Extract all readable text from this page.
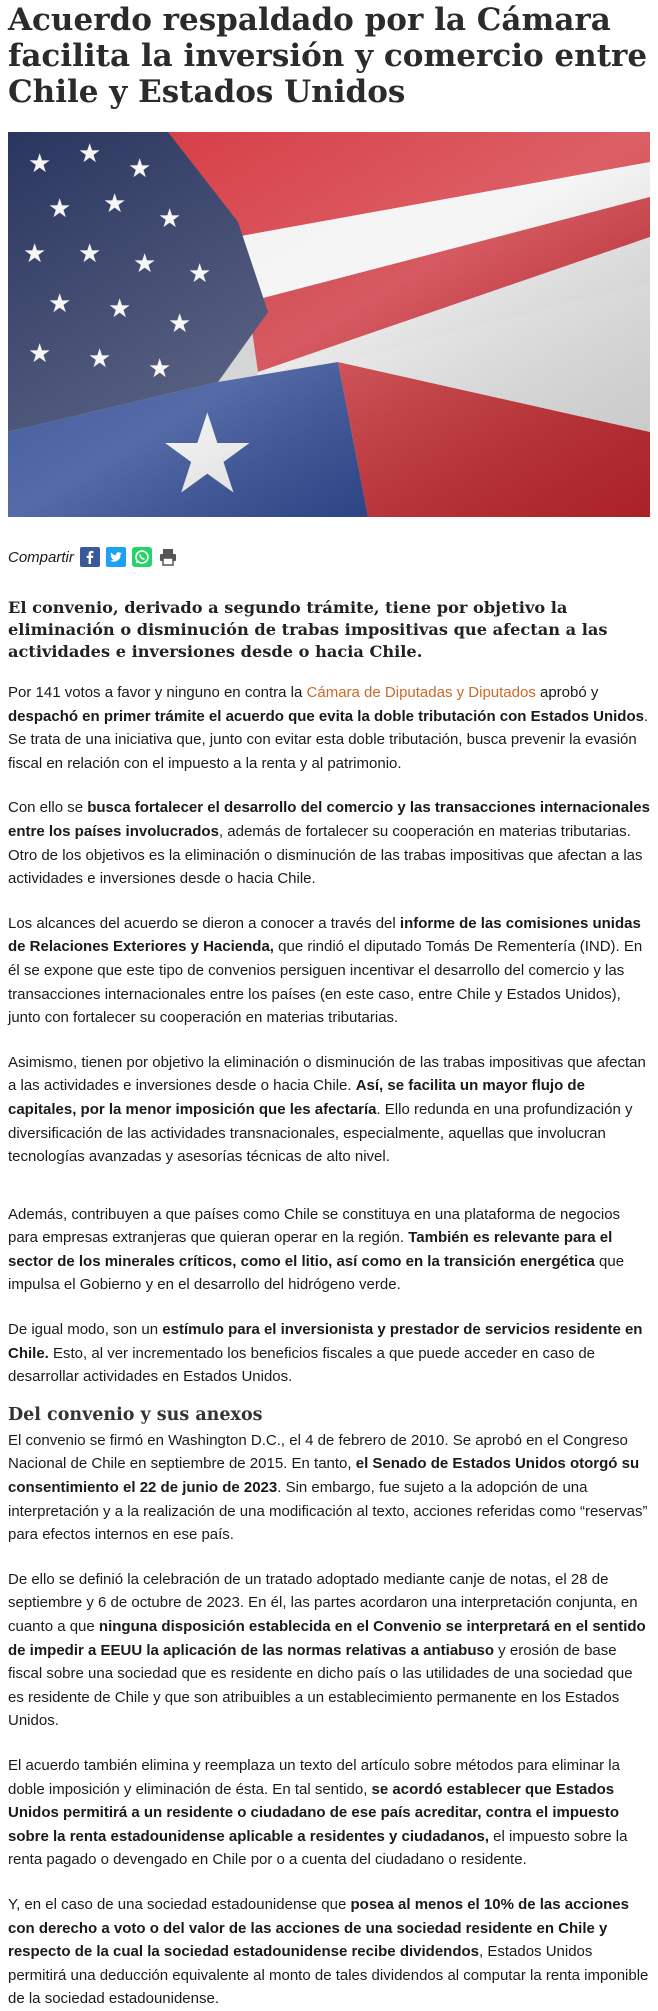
Acuerdo respaldado por la Cámara facilita la inversión y comercio entre Chile y Estados Unidos
Compartir
El convenio, derivado a segundo trámite, tiene por objetivo la eliminación o disminución de trabas impositivas que afectan a las actividades e inversiones desde o hacia Chile.

Por 141 votos a favor y ninguno en contra la Cámara de Diputadas y Diputados aprobó y despachó en primer trámite el acuerdo que evita la doble tributación con Estados Unidos. Se trata de una iniciativa que, junto con evitar esta doble tributación, busca prevenir la evasión fiscal en relación con el impuesto a la renta y al patrimonio.

Con ello se busca fortalecer el desarrollo del comercio y las transacciones internacionales entre los países involucrados, además de fortalecer su cooperación en materias tributarias. Otro de los objetivos es la eliminación o disminución de las trabas impositivas que afectan a las actividades e inversiones desde o hacia Chile.

Los alcances del acuerdo se dieron a conocer a través del informe de las comisiones unidas de Relaciones Exteriores y Hacienda, que rindió el diputado Tomás De Rementería (IND). En él se expone que este tipo de convenios persiguen incentivar el desarrollo del comercio y las transacciones internacionales entre los países (en este caso, entre Chile y Estados Unidos), junto con fortalecer su cooperación en materias tributarias.

Asimismo, tienen por objetivo la eliminación o disminución de las trabas impositivas que afectan a las actividades e inversiones desde o hacia Chile. Así, se facilita un mayor flujo de capitales, por la menor imposición que les afectaría. Ello redunda en una profundización y diversificación de las actividades transnacionales, especialmente, aquellas que involucran tecnologías avanzadas y asesorías técnicas de alto nivel.

Además, contribuyen a que países como Chile se constituya en una plataforma de negocios para empresas extranjeras que quieran operar en la región. También es relevante para el sector de los minerales críticos, como el litio, así como en la transición energética que impulsa el Gobierno y en el desarrollo del hidrógeno verde.

De igual modo, son un estímulo para el inversionista y prestador de servicios residente en Chile. Esto, al ver incrementado los beneficios fiscales a que puede acceder en caso de desarrollar actividades en Estados Unidos.

Del convenio y sus anexos

El convenio se firmó en Washington D.C., el 4 de febrero de 2010. Se aprobó en el Congreso Nacional de Chile en septiembre de 2015. En tanto, el Senado de Estados Unidos otorgó su consentimiento el 22 de junio de 2023. Sin embargo, fue sujeto a la adopción de una interpretación y a la realización de una modificación al texto, acciones referidas como “reservas” para efectos internos en ese país.

De ello se definió la celebración de un tratado adoptado mediante canje de notas, el 28 de septiembre y 6 de octubre de 2023. En él, las partes acordaron una interpretación conjunta, en cuanto a que ninguna disposición establecida en el Convenio se interpretará en el sentido de impedir a EEUU la aplicación de las normas relativas a antiabuso y erosión de base fiscal sobre una sociedad que es residente en dicho país o las utilidades de una sociedad que es residente de Chile y que son atribuibles a un establecimiento permanente en los Estados Unidos.

El acuerdo también elimina y reemplaza un texto del artículo sobre métodos para eliminar la doble imposición y eliminación de ésta. En tal sentido, se acordó establecer que Estados Unidos permitirá a un residente o ciudadano de ese país acreditar, contra el impuesto sobre la renta estadounidense aplicable a residentes y ciudadanos, el impuesto sobre la renta pagado o devengado en Chile por o a cuenta del ciudadano o residente.

Y, en el caso de una sociedad estadounidense que posea al menos el 10% de las acciones con derecho a voto o del valor de las acciones de una sociedad residente en Chile y respecto de la cual la sociedad estadounidense recibe dividendos, Estados Unidos permitirá una deducción equivalente al monto de tales dividendos al computar la renta imponible de la sociedad estadounidense.
